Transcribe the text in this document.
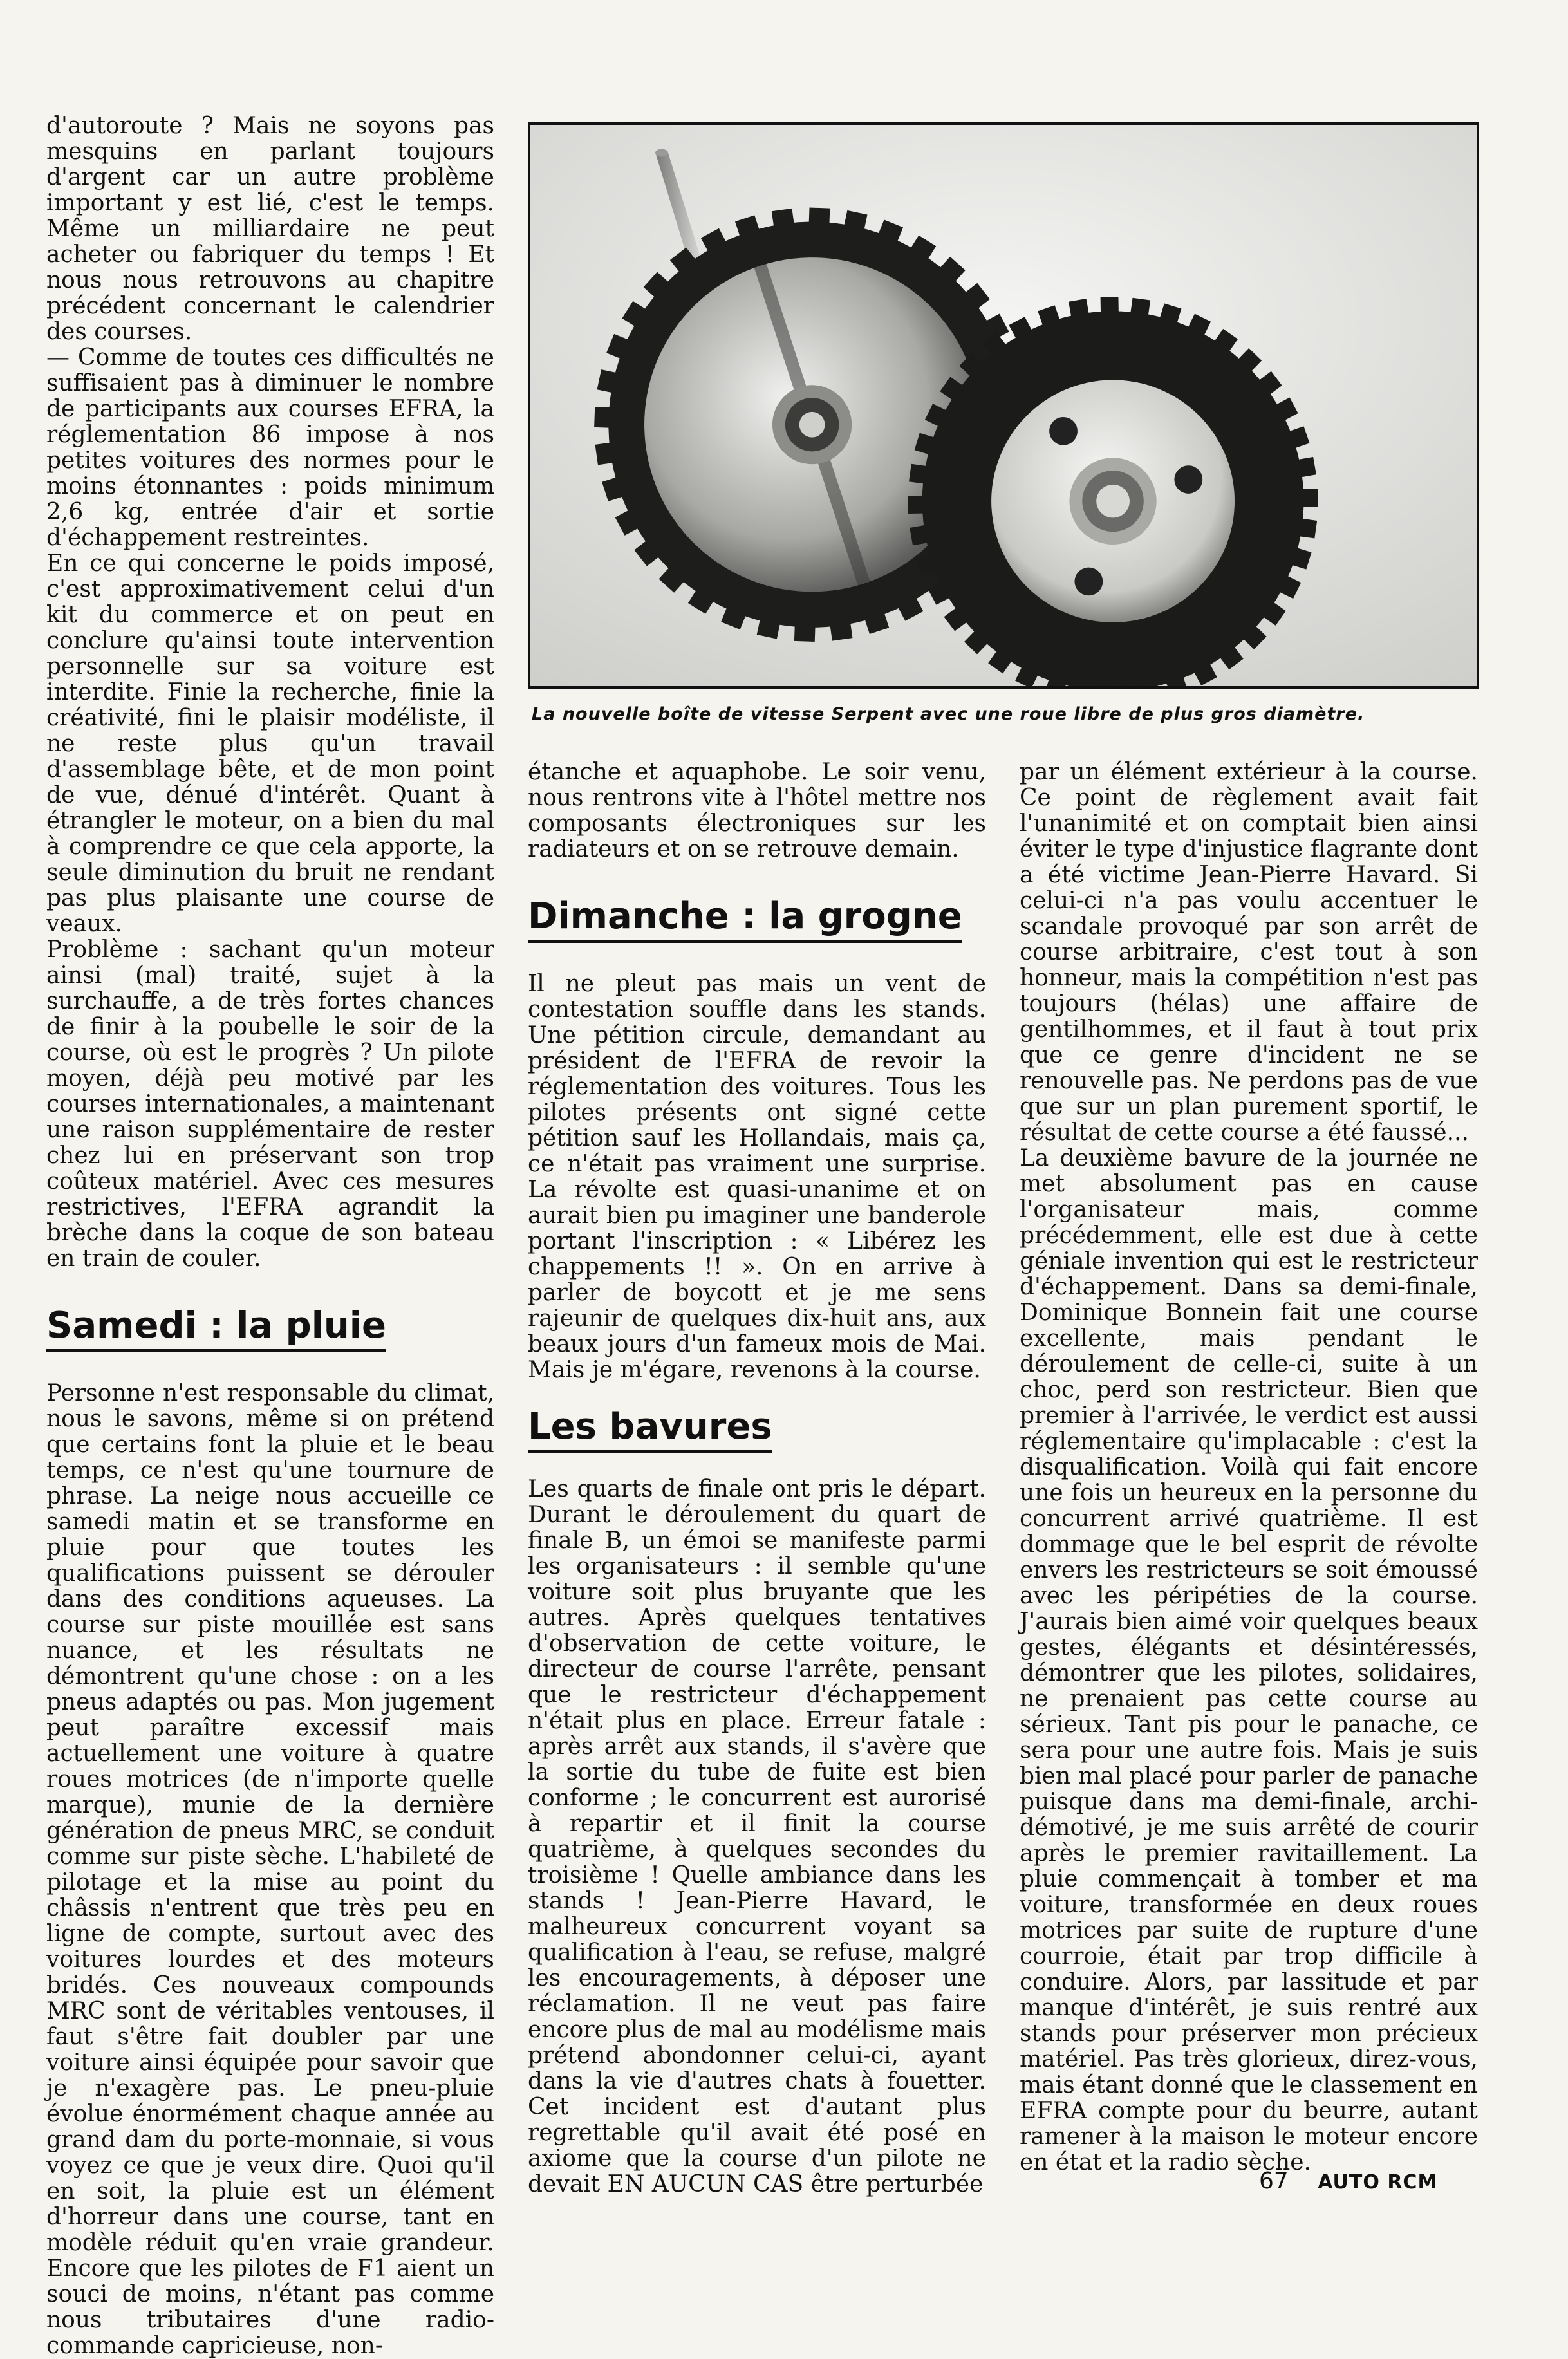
d'autoroute ? Mais ne soyons pas mesquins en parlant toujours d'argent car un autre problème important y est lié, c'est le temps. Même un milliardaire ne peut acheter ou fabriquer du temps ! Et nous nous retrouvons au chapitre précédent concernant le calendrier des courses.

— Comme de toutes ces difficultés ne suffisaient pas à diminuer le nombre de participants aux courses EFRA, la réglementation 86 impose à nos petites voitures des normes pour le moins étonnantes : poids minimum 2,6 kg, entrée d'air et sortie d'échappement restreintes.

En ce qui concerne le poids imposé, c'est approximativement celui d'un kit du commerce et on peut en conclure qu'ainsi toute intervention personnelle sur sa voiture est interdite. Finie la recherche, finie la créativité, fini le plaisir modéliste, il ne reste plus qu'un travail d'assemblage bête, et de mon point de vue, dénué d'intérêt. Quant à étrangler le moteur, on a bien du mal à comprendre ce que cela apporte, la seule diminution du bruit ne rendant pas plus plaisante une course de veaux.

Problème : sachant qu'un moteur ainsi (mal) traité, sujet à la surchauffe, a de très fortes chances de finir à la poubelle le soir de la course, où est le progrès ? Un pilote moyen, déjà peu motivé par les courses internationales, a maintenant une raison supplémentaire de rester chez lui en préservant son trop coûteux matériel. Avec ces mesures restrictives, l'EFRA agrandit la brèche dans la coque de son bateau en train de couler.

Samedi : la pluie

Personne n'est responsable du climat, nous le savons, même si on prétend que certains font la pluie et le beau temps, ce n'est qu'une tournure de phrase. La neige nous accueille ce samedi matin et se transforme en pluie pour que toutes les qualifications puissent se dérouler dans des conditions aqueuses. La course sur piste mouillée est sans nuance, et les résultats ne démontrent qu'une chose : on a les pneus adaptés ou pas. Mon jugement peut paraître excessif mais actuellement une voiture à quatre roues motrices (de n'importe quelle marque), munie de la dernière génération de pneus MRC, se conduit comme sur piste sèche. L'habileté de pilotage et la mise au point du châssis n'entrent que très peu en ligne de compte, surtout avec des voitures lourdes et des moteurs bridés. Ces nouveaux compounds MRC sont de véritables ventouses, il faut s'être fait doubler par une voiture ainsi équipée pour savoir que je n'exagère pas. Le pneu-pluie évolue énormément chaque année au grand dam du porte-monnaie, si vous voyez ce que je veux dire. Quoi qu'il en soit, la pluie est un élément d'horreur dans une course, tant en modèle réduit qu'en vraie grandeur. Encore que les pilotes de F1 aient un souci de moins, n'étant pas comme nous tributaires d'une radio-commande capricieuse, non-

La nouvelle boîte de vitesse Serpent avec une roue libre de plus gros diamètre.

étanche et aquaphobe. Le soir venu, nous rentrons vite à l'hôtel mettre nos composants électroniques sur les radiateurs et on se retrouve demain.

Dimanche : la grogne

Il ne pleut pas mais un vent de contestation souffle dans les stands. Une pétition circule, demandant au président de l'EFRA de revoir la réglementation des voitures. Tous les pilotes présents ont signé cette pétition sauf les Hollandais, mais ça, ce n'était pas vraiment une surprise. La révolte est quasi-unanime et on aurait bien pu imaginer une banderole portant l'inscription : « Libérez les chappements !! ». On en arrive à parler de boycott et je me sens rajeunir de quelques dix-huit ans, aux beaux jours d'un fameux mois de Mai. Mais je m'égare, revenons à la course.

Les bavures

Les quarts de finale ont pris le départ. Durant le déroulement du quart de finale B, un émoi se manifeste parmi les organisateurs : il semble qu'une voiture soit plus bruyante que les autres. Après quelques tentatives d'observation de cette voiture, le directeur de course l'arrête, pensant que le restricteur d'échappement n'était plus en place. Erreur fatale : après arrêt aux stands, il s'avère que la sortie du tube de fuite est bien conforme ; le concurrent est aurorisé à repartir et il finit la course quatrième, à quelques secondes du troisième ! Quelle ambiance dans les stands ! Jean-Pierre Havard, le malheureux concurrent voyant sa qualification à l'eau, se refuse, malgré les encouragements, à déposer une réclamation. Il ne veut pas faire encore plus de mal au modélisme mais prétend abondonner celui-ci, ayant dans la vie d'autres chats à fouetter. Cet incident est d'autant plus regrettable qu'il avait été posé en axiome que la course d'un pilote ne devait EN AUCUN CAS être perturbée

par un élément extérieur à la course. Ce point de règlement avait fait l'unanimité et on comptait bien ainsi éviter le type d'injustice flagrante dont a été victime Jean-Pierre Havard. Si celui-ci n'a pas voulu accentuer le scandale provoqué par son arrêt de course arbitraire, c'est tout à son honneur, mais la compétition n'est pas toujours (hélas) une affaire de gentilhommes, et il faut à tout prix que ce genre d'incident ne se renouvelle pas. Ne perdons pas de vue que sur un plan purement sportif, le résultat de cette course a été faussé...

La deuxième bavure de la journée ne met absolument pas en cause l'organisateur mais, comme précédemment, elle est due à cette géniale invention qui est le restricteur d'échappement. Dans sa demi-finale, Dominique Bonnein fait une course excellente, mais pendant le déroulement de celle-ci, suite à un choc, perd son restricteur. Bien que premier à l'arrivée, le verdict est aussi réglementaire qu'implacable : c'est la disqualification. Voilà qui fait encore une fois un heureux en la personne du concurrent arrivé quatrième. Il est dommage que le bel esprit de révolte envers les restricteurs se soit émoussé avec les péripéties de la course. J'aurais bien aimé voir quelques beaux gestes, élégants et désintéressés, démontrer que les pilotes, solidaires, ne prenaient pas cette course au sérieux. Tant pis pour le panache, ce sera pour une autre fois. Mais je suis bien mal placé pour parler de panache puisque dans ma demi-finale, archi-démotivé, je me suis arrêté de courir après le premier ravitaillement. La pluie commençait à tomber et ma voiture, transformée en deux roues motrices par suite de rupture d'une courroie, était par trop difficile à conduire. Alors, par lassitude et par manque d'intérêt, je suis rentré aux stands pour préserver mon précieux matériel. Pas très glorieux, direz-vous, mais étant donné que le classement en EFRA compte pour du beurre, autant ramener à la maison le moteur encore en état et la radio sèche.

67 AUTO RCM
